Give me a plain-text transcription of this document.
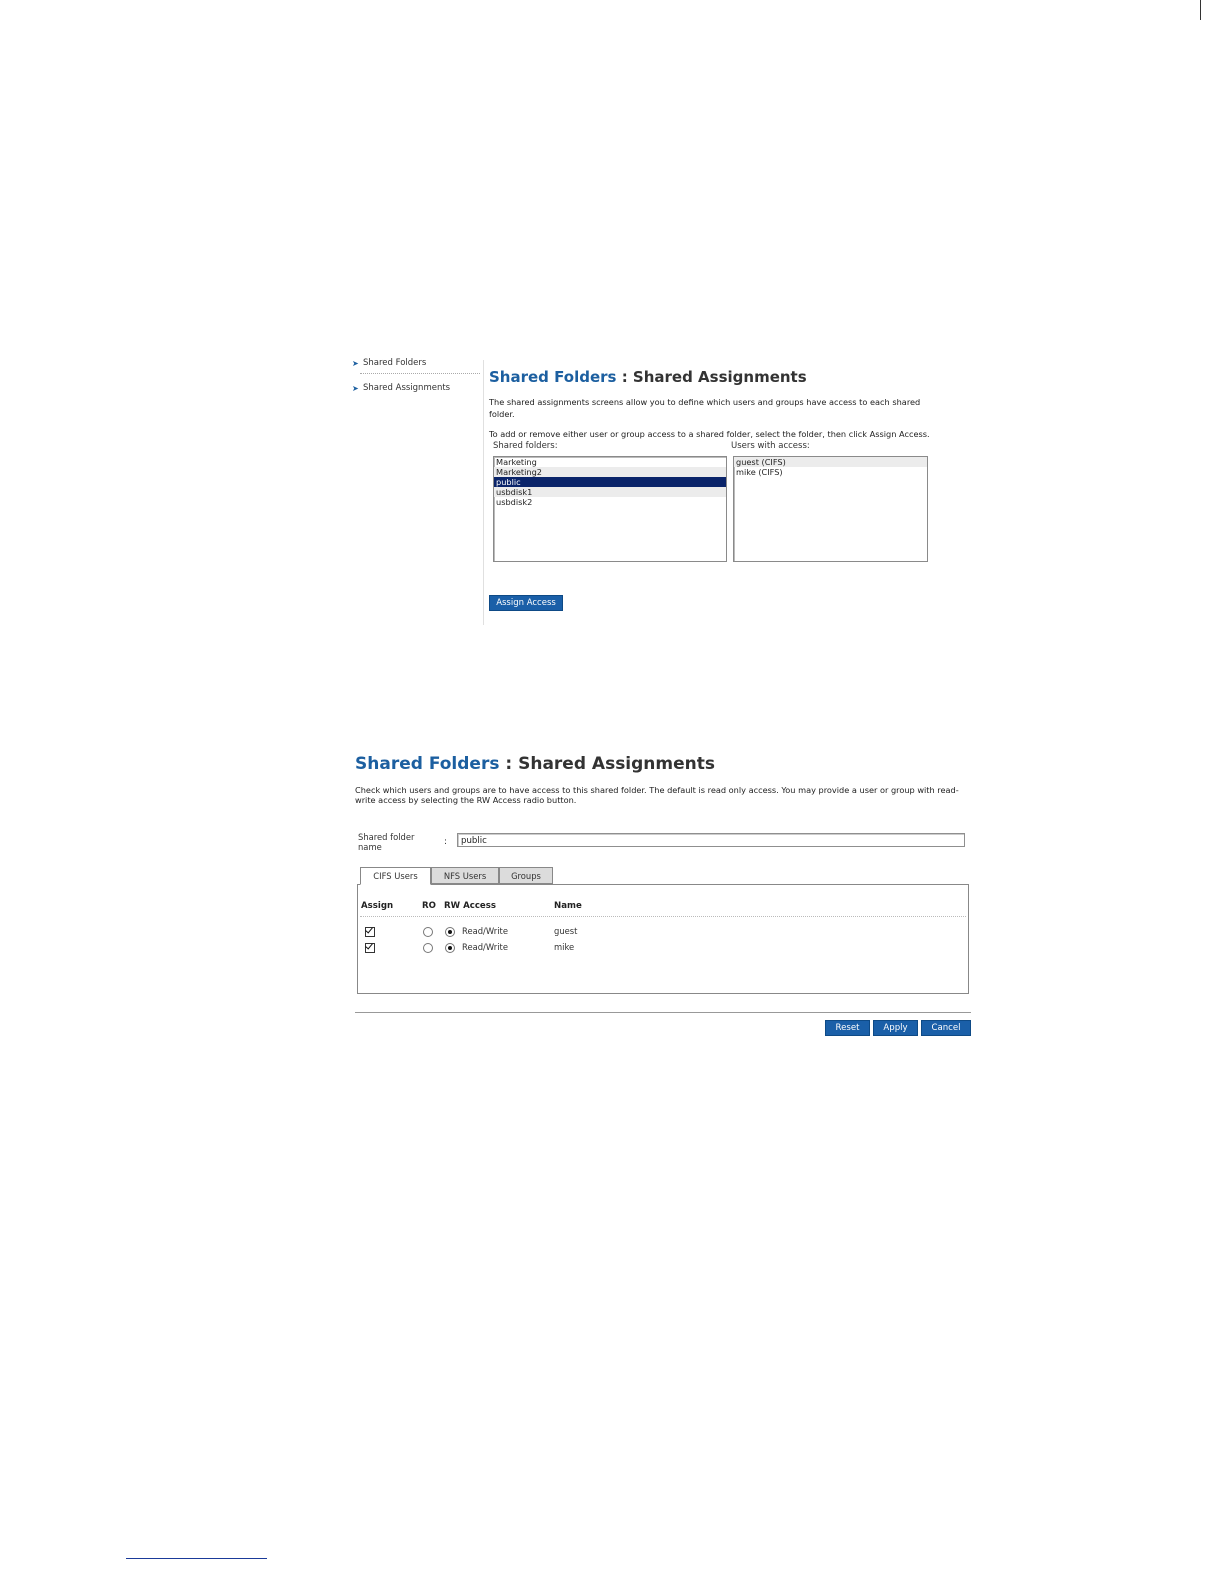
➤ Shared Folders
➤ Shared Assignments
Shared Folders : Shared Assignments

The shared assignments screens allow you to define which users and groups have access to each shared folder.

To add or remove either user or group access to a shared folder, select the folder, then click Assign Access.

Shared folders:
Marketing
Marketing2
public
usbdisk1
usbdisk2
Users with access:
guest (CIFS)
mike (CIFS)
Assign Access
Shared Folders : Shared Assignments
Check which users and groups are to have access to this shared folder. The default is read only access. You may provide a user or group with read-write access by selecting the RW Access radio button.
Shared folder name	:	public
CIFS Users	NFS Users	Groups
Assign	RO RW Access	Name
Read/Write	guest
Read/Write	mike
Reset	Apply	Cancel
